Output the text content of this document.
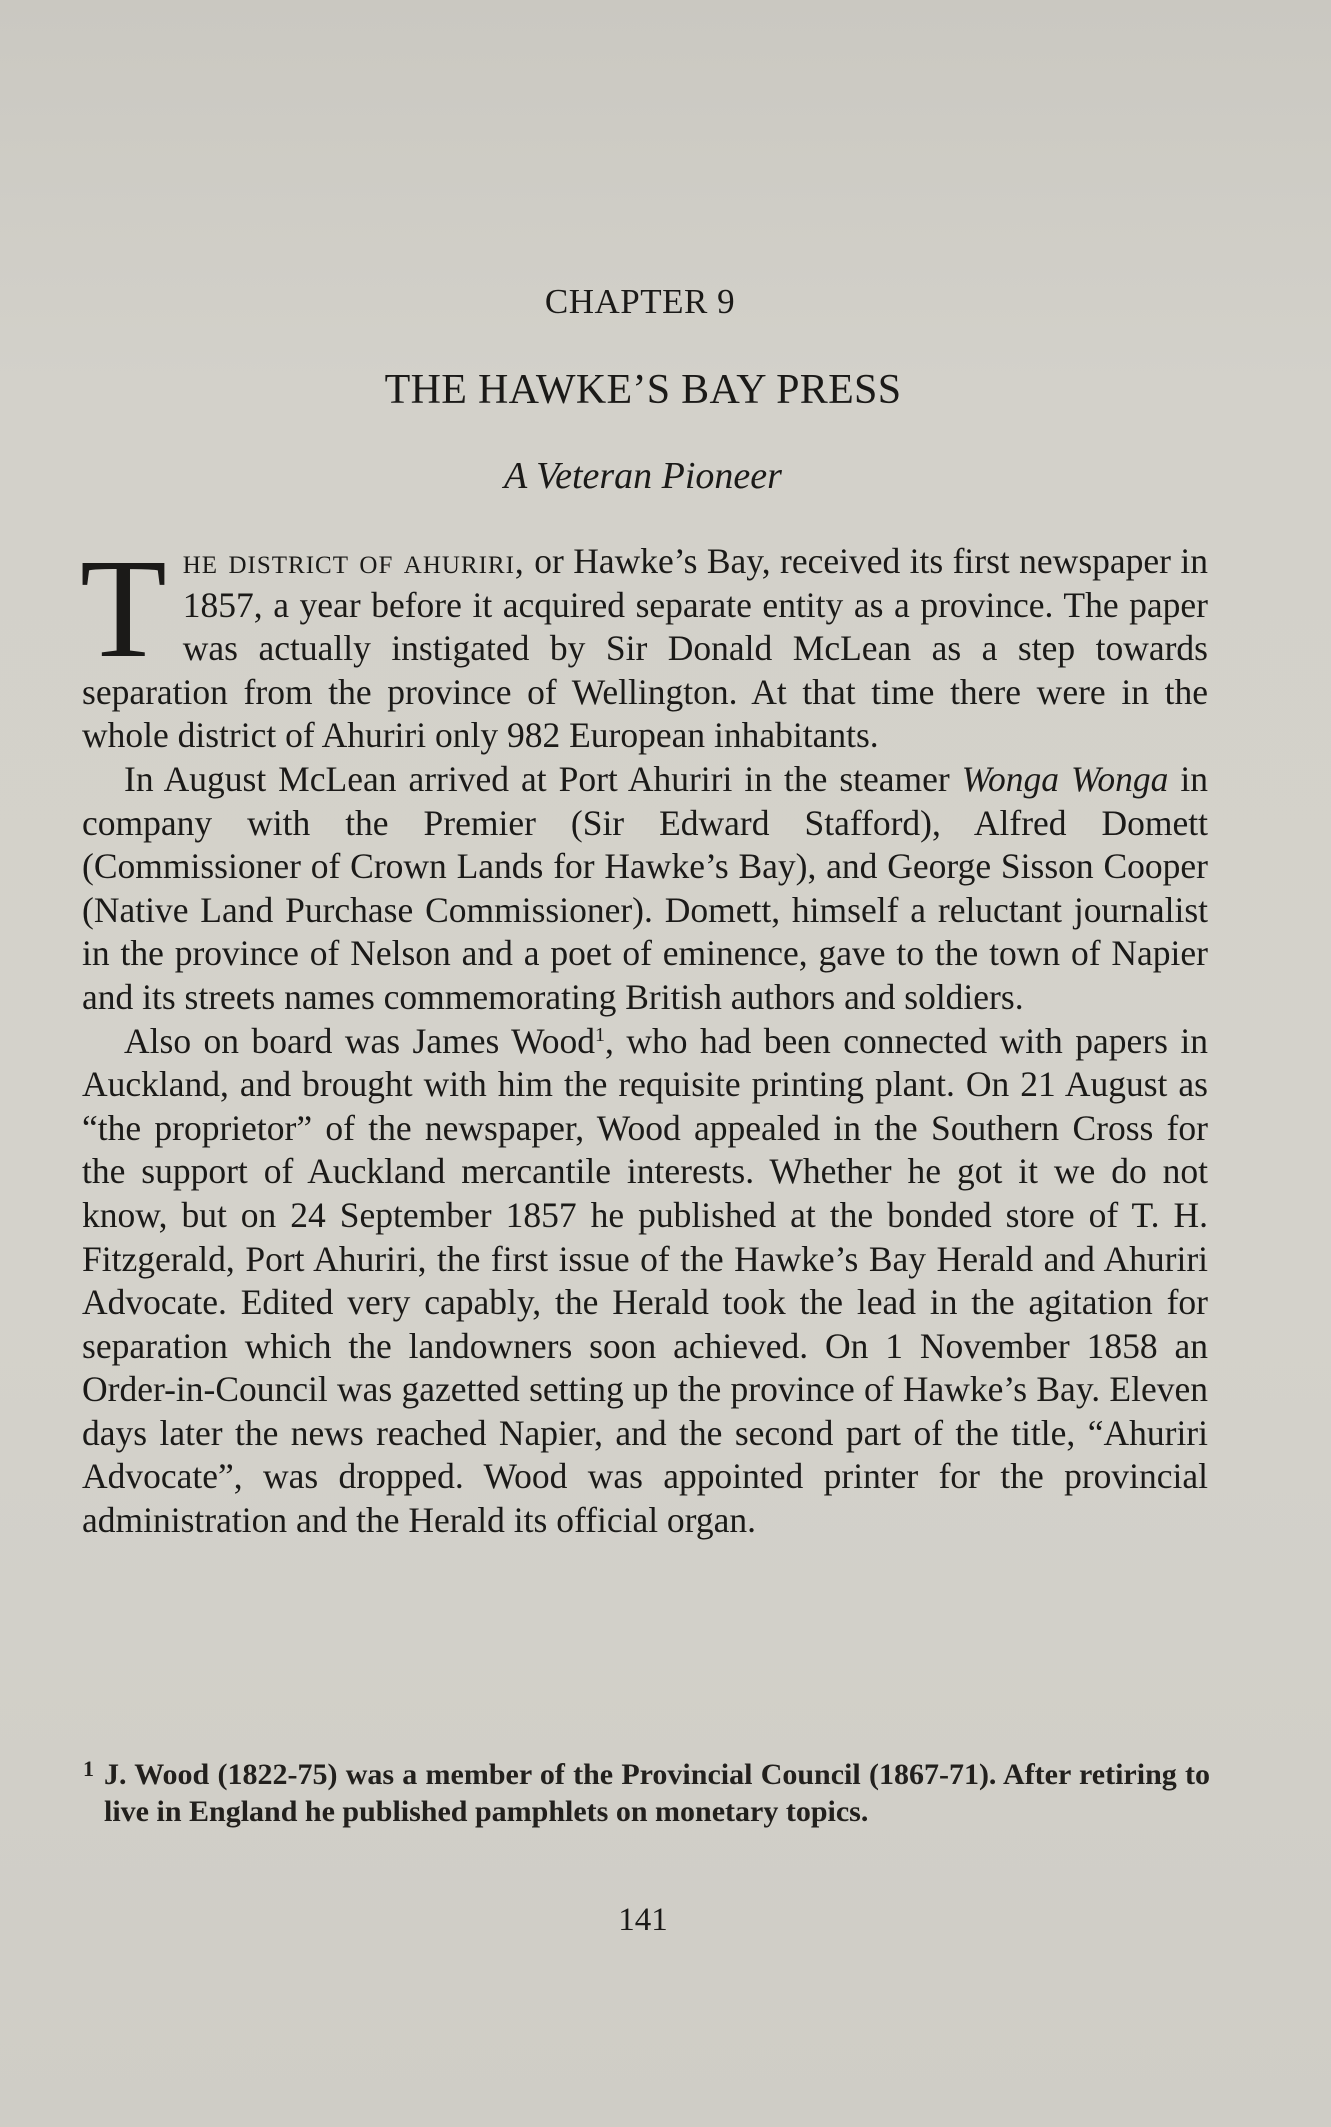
CHAPTER 9
THE HAWKE’S BAY PRESS
A Veteran Pioneer

The district of ahuriri, or Hawke’s Bay, received its first newspaper in 1857, a year before it acquired separate entity as a province. The paper was actually instigated by Sir Donald McLean as a step towards separation from the province of Wellington. At that time there were in the whole district of Ahuriri only 982 European inhabitants.

In August McLean arrived at Port Ahuriri in the steamer Wonga Wonga in company with the Premier (Sir Edward Stafford), Alfred Domett (Commissioner of Crown Lands for Hawke’s Bay), and George Sisson Cooper (Native Land Purchase Commissioner). Domett, himself a reluctant journalist in the province of Nelson and a poet of eminence, gave to the town of Napier and its streets names commemorating British authors and soldiers.

Also on board was James Wood$^1$, who had been connected with papers in Auckland, and brought with him the requisite printing plant. On 21 August as “the proprietor” of the newspaper, Wood appealed in the Southern Cross for the support of Auckland mercantile interests. Whether he got it we do not know, but on 24 September 1857 he published at the bonded store of T. H. Fitzgerald, Port Ahuriri, the first issue of the Hawke’s Bay Herald and Ahuriri Advocate. Edited very capably, the Herald took the lead in the agitation for separation which the landowners soon achieved. On 1 November 1858 an Order-in-Council was gazetted setting up the province of Hawke’s Bay. Eleven days later the news reached Napier, and the second part of the title, “Ahuriri Advocate”, was dropped. Wood was appointed printer for the provincial administration and the Herald its official organ.

1 J. Wood (1822-75) was a member of the Provincial Council (1867-71). After retiring to live in England he published pamphlets on monetary topics.
141
